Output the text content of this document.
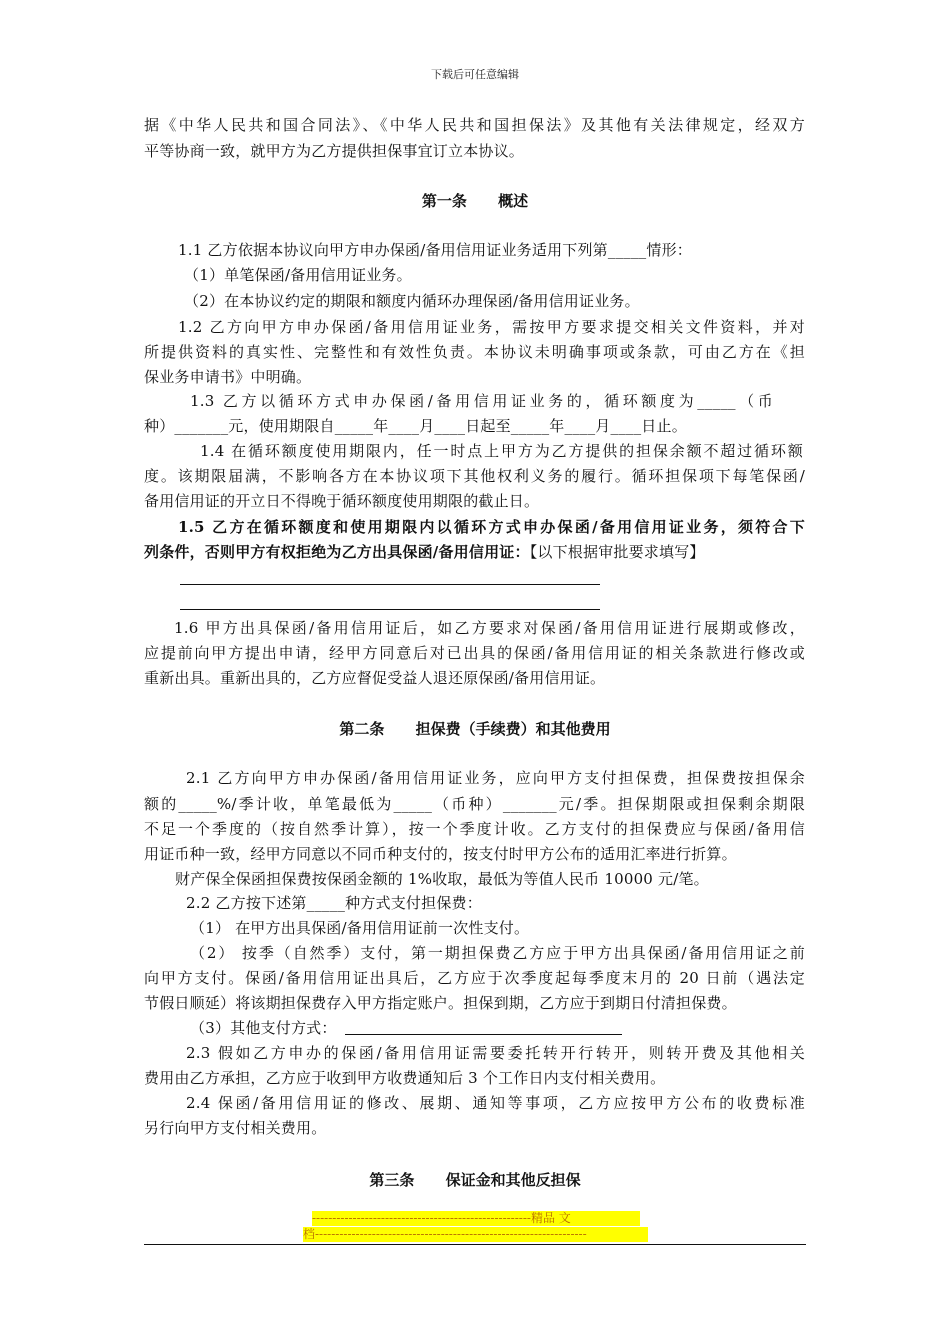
下载后可任意编辑
据《中华人民共和国合同法》、《中华人民共和国担保法》及其他有关法律规定，经双方
平等协商一致，就甲方为乙方提供担保事宜订立本协议。
第一条      概述
1.1 乙方依据本协议向甲方申办保函/备用信用证业务适用下列第_____情形：
（1）单笔保函/备用信用证业务。
（2）在本协议约定的期限和额度内循环办理保函/备用信用证业务。
1.2 乙方向甲方申办保函/备用信用证业务，需按甲方要求提交相关文件资料，并对
所提供资料的真实性、完整性和有效性负责。本协议未明确事项或条款，可由乙方在《担
保业务申请书》中明确。
1.3 乙方以循环方式申办保函/备用信用证业务的，循环额度为_____（币
种）_______元，使用期限自_____年____月____日起至_____年____月____日止。
1.4 在循环额度使用期限内，任一时点上甲方为乙方提供的担保余额不超过循环额
度。该期限届满，不影响各方在本协议项下其他权利义务的履行。循环担保项下每笔保函/
备用信用证的开立日不得晚于循环额度使用期限的截止日。
1.5 乙方在循环额度和使用期限内以循环方式申办保函/备用信用证业务，须符合下
列条件，否则甲方有权拒绝为乙方出具保函/备用信用证：【以下根据审批要求填写】
1.6 甲方出具保函/备用信用证后，如乙方要求对保函/备用信用证进行展期或修改，
应提前向甲方提出申请，经甲方同意后对已出具的保函/备用信用证的相关条款进行修改或
重新出具。重新出具的，乙方应督促受益人退还原保函/备用信用证。
第二条      担保费（手续费）和其他费用
2.1 乙方向甲方申办保函/备用信用证业务，应向甲方支付担保费，担保费按担保余
额的_____%/季计收，单笔最低为_____（币种）_______元/季。担保期限或担保剩余期限
不足一个季度的（按自然季计算），按一个季度计收。乙方支付的担保费应与保函/备用信
用证币种一致，经甲方同意以不同币种支付的，按支付时甲方公布的适用汇率进行折算。
财产保全保函担保费按保函金额的 1%收取，最低为等值人民币 10000 元/笔。
2.2 乙方按下述第_____种方式支付担保费：
（1） 在甲方出具保函/备用信用证前一次性支付。
（2） 按季（自然季）支付，第一期担保费乙方应于甲方出具保函/备用信用证之前
向甲方支付。保函/备用信用证出具后，乙方应于次季度起每季度末月的 20 日前（遇法定
节假日顺延）将该期担保费存入甲方指定账户。担保到期，乙方应于到期日付清担保费。
（3）其他支付方式：
2.3 假如乙方申办的保函/备用信用证需要委托转开行转开，则转开费及其他相关
费用由乙方承担，乙方应于收到甲方收费通知后 3 个工作日内支付相关费用。
2.4 保函/备用信用证的修改、展期、通知等事项，乙方应按甲方公布的收费标准
另行向甲方支付相关费用。
第三条      保证金和其他反担保
------------------------------------------------------精品 文
档-------------------------------------------------------------------
